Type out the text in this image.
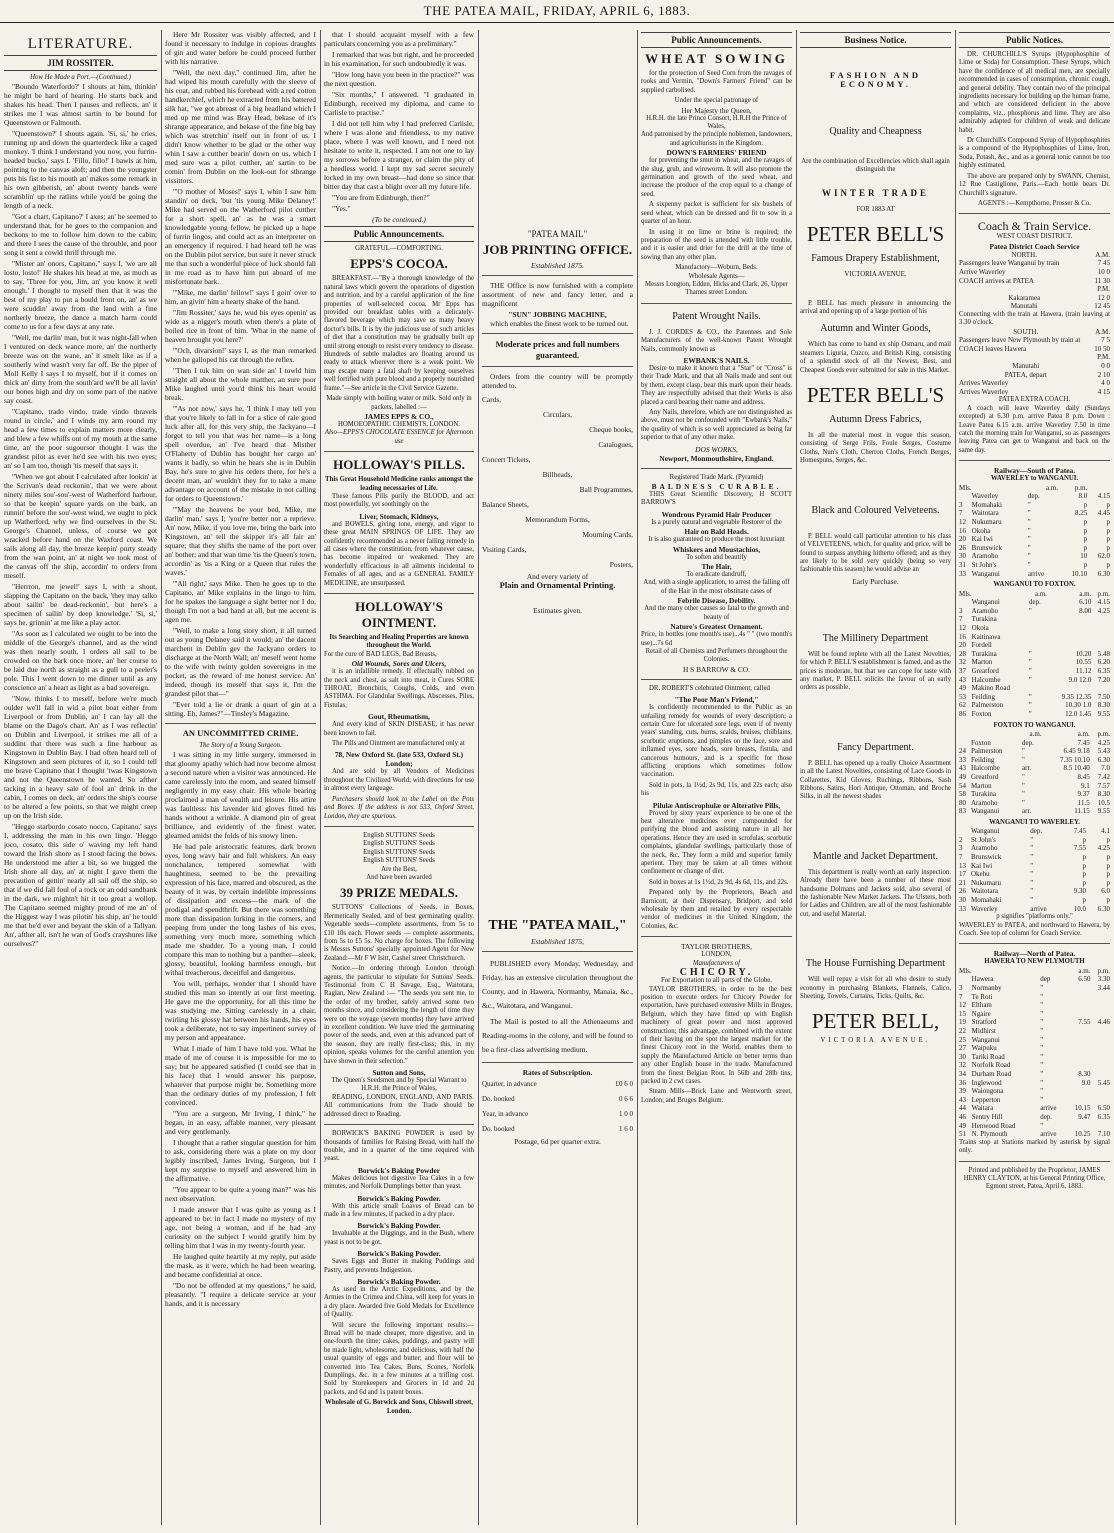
THE PATEA MAIL, FRIDAY, APRIL 6, 1883.
LITERATURE.
JIM ROSSITER.
How He Made a Port.—(Continued.)

"Boundo Waterfordo?' I shouts at him, thinkin' he might be hard of hearing. He starts back and shakes his head. Then I pauses and reflects, an' it strikes me I was almost sartin to be bound for Queenstown or Falmouth.

"Queenstown?' I shouts again. 'Si, si,' he cries, running up and down the quarterdeck like a caged monkey. 'I think I understand you now, you furrin-headed bucko,' says I. 'Fillo, fillo!' I bawls at him, pointing to the canvas aloft; and then the youngster puts his fist to his mouth an' makes some remark in his own gibberish, an' about twenty hands were scramblin' up the ratlins while you'd be going the length of a neck.

"Got a chart, Capitano?' I axes; an' he seemed to understand that, for he goes to the companion and beckons to me to follow him down to the cabin; and there I sees the cause of the throuble, and poor song it sent a cowld thrill through me.

"Mister an' onors, Capitano," says I, 'we are all losto, losto!' He shakes his head at me, as much as to say, 'Three for you, Jim, an' you know it well enough.' I thought to myself then that it was the best of my play to put a bould front on, an' as we were scuddin' away from the land with a fine northerly breeze, the dance a match harm could come to us for a few days at any rate.

"Well, me darlin' man, but it was night-fall when I ventured on deck wance more, an' the northerly breeze was on the wane, an' it smelt like as if a southerly wind wasn't very far off. Be the piper of Moll Kelly I says I to myself, but if it comes on thick an' dirty from the south'ard we'll be all lavin' our bones high and dry on some part of the native say coast.

"Capitano, trado vindo, trade vindo thravels round in circle,' and I winds my arm round my head a few times to explain matters more clearly, and blew a few whiffs out of my mouth at the same time, an' the poor sugoursor thought I was the grandest pilot as ever he'd see with his two eyes; an' so I am too, though 'tis meself that says it.

"When we got about I calculated after lookin' at the Scrivan's dead reckonin', that we were about ninety miles sou'-sou'-west of Watherford harbour, so that be keepin' square yards on the bark, an runnin' before the sou'-west wind, we ought to pick up Watherford, why we find ourselves in the St. George's Channel, unless, of course we got wracked before hand on the Waxford coast. We sails along all day, the breeze keepin' purty steady from the wan point, an' at night we took most of the canvas off the ship, accordin' to orders from meself.

"Herrron, me jewel!' says I, with a shout, slapping the Capitano on the back, 'they may talko about sailin' be dead-reckonin', but here's a specimen of sailin' by deep knowledge.' 'Si, si,' says he, grinnin' at me like a play actor.

"As soon as I calculated we ought to be into the middle of the George's channel, and as the wind was then nearly south, I orders all sail to be crowded on the bark once more, an' her course to be laid due north as straight as a gull to a peeler's pole. This I went down to me dinner until as any conscience an' a heart as light as a bad sovereign.

"Now, thinks I to meself, before we're much oulder we'll fall in wid a pilot boat either from Liverpool or from Dublin, an' I can lay all the blame on the Dago's chart. An' as I was reflectin' on Dublin and Liverpool, it strikes me all of a suddint that there was such a fine harbour as Kingstown in Dublin Bay. I had often heard tell of Kingstown and seen pictures of it, so I could tell me brave Capitano that I thought 'twas Kingstown and not the Queenstown he wanted. So afther tacking in a heavy sale of fool an' drink in the cabin, I comes on deck, an' orders the ship's course to be altered a few points, so that we might creep up on the Irish side.

"Heggo starbordo cosato nocco, Capitano,' says I, addressing the man in his own lingo. 'Heggo joco, cosato, this side o' waving my left hand toward the Irish shore as I stood facing the bows. He understood me after a bit, so we hugged the Irish shore all day, an' at night I gave them the precaution of gettin' nearly all sail off the ship, so that if we did fall foul of a rock or an odd sandbank in the dark, we mightn't hit it too great a wollop. The Capitano seemed mighty proud of me an' of the Higgest way I was pilotin' his ship, an' he tould me that he'd ever and beyant the skin of a Tallyan. An', afther all, isn't he wan of God's crayshures like ourselves?"

Here Mr Rossiter was visibly affected, and I found it necessary to indulge in copious draughts of gin and water before he could proceed further with his narrative.

"Well, the next day," continued Jim, after he had wiped his mouth carefully with the sleeve of his coat, and rubbed his forehead with a red cotton handkerchief, which he extracted from his battered silk hat, "we got abreast of a big headland which I med up me mind was Bray Head, bekase of it's shrange appearance, and bekase of the fine big bay which was stretchin' itself out in front of us. I didn't know whether to be glad or the other way whin I saw a cutther bearin' down on us, which I med sure was a pilot cutther, an' sartin to be comin' from Dublin on the look-out for sthrange vissittors.

"'O mother of Moses!' says I, whin I saw him standin' on deck, 'but 'tis young Mike Delaney!' Mike had served on the Watherford pilot cutther for a short spell, an' as he was a smart knowledgable young fellow, he picked up a hape of furrin lingos, and could act as an interpreter on an emergency if required. I had heard tell he was on the Dublin pilot service, but sure it never struck me that such a wonderful piece of luck should fall in me road as to have him put aboard of me misfortunate bark.

"'Mike, me darlin' fellow!' says I goin' over to him, an givin' him a hearty shake of the hand.

"Jim Rossiter,' says he, wud his eyes openin' as wide as a nigger's mouth when there's a plate of boiled rice in front of him. 'What in the name of heaven brought you here?'

"'Och, divarsion!' says I, as the man remarked when he galloped his cat through the reflex.

"Then I tuk him on wan side an' I towld him straight all about the whole matther, an sure poor Mike laughed until you'd think his heart would break.

"'As nor now,' says he, 'I think I may tell you that you're likely to fall in for a slice of rale good luck after all, for this very ship, the Jackyano—I forgot to tell you that was her name—is a long spell overdue, an' I've heard that Misther O'Flaherty of Dublin has bought her cargo an' wants it badly, so whin he hears she is in Dublin Bay, he's sure to give his orders there, for he's a decent man, an' wouldn't they for to take a mane advantage on account of the mistake in not calling for orders to Queenstown.'

"'May the heavens be your bed, Mike, me darlin' man,' says I; 'you're better nor a reprieve. An' now, Mike, if you love me, bring the bark into Kingstown, an' tell the skipper it's all fair an' square; that they shifts the name of the port over an' bother; and that wan time 'tis the Queen's town, accordin' as 'tis a King or a Queen that rules the waves.'

"'All right,' says Mike. Then he goes up to the Capitano, an' Mike explains in the lingo to him, for he spakes the language a sight better nor I do, though I'm not a bad hand at all, but me accent is agen me.

"Well, to make a long story short, it all turned out as young Delaney said it would; an' the dacent marchent in Dublin gev the Jackyano orders to discharge at the North Wall; an' meself went home to the wife with twinty golden sovereigns in me pocket, as the reward of me honest service. An' indeed, though its meself that says it, I'm the grandest pilot that—"

"Ever told a lie or drank a quart of gin at a sitting. Eh, James?"—Tinsley's Magazine.

AN UNCOMMITTED CRIME.
The Story of a Young Surgeon.

I was sitting in my little surgery, immersed in that gloomy apathy which had now become almost a second nature when a visitor was announced. He came carelessly into the room, and seated himself negligently in my easy chair. His whole bearing proclaimed a man of wealth and leisure. His attire was faultless: his lavender kid gloves fitted his hands without a wrinkle. A diamond pin of great brilliance, and evidently of the finest water, gleamed amidst the folds of his snowy linen.

He had pale aristocratic features, dark brown eyes, long wavy hair and full whiskers. An easy nonchalance, tempered somewhat with haughtiness, seemed to be the prevailing expression of his face, marred and obscured, as the beauty of it was, by certain indelible impressions of dissipation and excess—the mark of the prodigal and spendthrift. But there was something more than dissipation lurking in the corners, and peeping from under the long lashes of his eyes, something very much more, something which made me shudder. To a young man, I could compare this man to nothing but a panther—sleek, glossy, beautiful, looking harmless enough, but withal treacherous, deceitful and dangerous.

You will, perhaps, wonder that I should have studied this man so intently at our first meeting. He gave me the opportunity, for all this time he was studying me. Sitting carelessly in a chair, twirling his glossy hat between his hands, his eyes took a deliberate, not to say impertinent survey of my person and appearance.

What I made of him I have told you. What he made of me of course it is impossible for me to say; but he appeared satisfied (I could see that in his face) that I would answer his purpose, whatever that purpose might be. Something more than the ordinary duties of my profession, I felt convinced.

"You are a surgeon, Mr Irving, I think," he began, in an easy, affable manner, very pleasant and very gentlemanly.

I thought that a rather singular question for him to ask, considering there was a plate on my door legibly inscribed, James Irving, Surgeon, but I kept my surprise to myself and answered him in the affirmative.

"You appear to be quite a young man?" was his next observation.

I made answer that I was quite as young as I appeared to be: in fact I made no mystery of my age, not being a woman, and if he had any curiosity on the subject I would gratify him by telling him that I was in my twenty-fourth year.

He laughed quite heartily at my reply, put aside the mask, as it were, which he had been wearing, and became confidential at once.

"Do not be offended at my questions," he said, pleasantly. "I require a delicate service at your hands, and it is necessary

that I should acquaint myself with a few particulars concerning you as a preliminary."

I remarked that was but right, and he proceeded in his examination, for such undoubtedly it was.

"How long have you been in the practice?" was the next question.

"Six months," I answered. "I graduated in Edinburgh, received my diploma, and came to Carlisle to practise."

I did not tell him why I had preferred Carlisle, where I was alone and friendless, to my native place, where I was well known, and I need not hesitate to write it, respected. I am not one to lay my sorrows before a stranger, or claim the pity of a heedless world. I kept my sad secret securely locked in my own breast—had done so since that bitter day that cast a blight over all my future life.

"You are from Edinburgh, then?"

"Yes."

(To be continued.)
Public Announcements.
GRATEFUL—COMFORTING.
EPPS'S COCOA.

BREAKFAST.—"By a thorough knowledge of the natural laws which govern the operations of digestion and nutrition, and by a careful application of the fine properties of well-selected cocoa, Mr Epps has provided our breakfast tables with a delicately-flavored beverage which may save us many heavy doctor's bills. It is by the judicious use of such articles of diet that a constitution may be gradually built up until strong enough to resist every tendency to disease. Hundreds of subtle maladies are floating around us ready to attack wherever there is a weak point. We may escape many a fatal shaft by keeping ourselves well fortified with pure blood and a properly nourished frame."—See article in the Civil Service Gazette.

Made simply with boiling water or milk. Sold only in packets, labelled :—
JAMES EPPS & CO.,
HOMOEOPATHIC CHEMISTS, LONDON.
Also—EPPS'S CHOCOLATE ESSENCE for Afternoon use
HOLLOWAY'S PILLS.
This Great Household Medicine ranks amongst the leading necessaries of Life.

These famous Pills purify the BLOOD, and act most powerfully, yet soothingly on the

Liver, Stomach, Kidneys,

and BOWELS, giving tone, energy, and vigor to these great MAIN SPRINGS OF LIFE. They are confidently recommended as a never failing remedy in all cases where the constitution, from whatever cause, has become impaired or weakened. They are wonderfully efficacious in all ailments incidental to Females of all ages, and as a GENERAL FAMILY MEDICINE, are unsurpassed.

HOLLOWAY'S OINTMENT.
Its Searching and Healing Properties are known throughout the World.
For the cure of BAD LEGS, Bad Breasts,
Old Wounds, Sores and Ulcers,

it is an infallible remedy. If effectually rubbed on the neck and chest, as salt into meat, it Cures SORE THROAT, Bronchitis, Coughs, Colds, and even ASTHMA. For Glandular Swellings, Abscesses, Piles, Fistulas,

Gout, Rheumatism,

And every kind of SKIN DISEASE, it has never been known to fail.

The Pills and Ointment are manufactured only at

78, New Oxford St. (late 533, Oxford St.) London;

And are sold by all Vendors of Medicines throughout the Civilized World; with directions for use in almost every language.

Purchasers should look to the Label on the Pots and Boxes. If the address is not 533, Oxford Street, London, they are spurious.

English SUTTONS' Seeds
English SUTTONS' Seeds
English SUTTONS' Seeds
English SUTTONS' Seeds
Are the Best,
And have been awarded
39 PRIZE MEDALS.

SUTTONS' Collections of Seeds, in Boxes, Hermetically Sealed, and of best germinating quality. Vegetable seeds—complete assortments, from 5s to £10 10s each. Flower seeds — complete assortments, from 5s to £5 5s. No charge for boxes. The following is Messrs Suttons' specially appointed Agent for New Zealand:—Mr F W Isitt, Cashel street Christchurch.

Notice.—In ordering through London through agents, the particular to stipulate for Suttons' Seeds. Testimonial from C H Savage, Esq., Waitotara, Raglan, New Zealand :— "The seeds you sent me, to the order of my brother, safely arrived some two months since, and considering the length of time they were on the voyage (seven months) they have arrived in excellent condition. We have tried the germinating power of the seeds, and, even at this advanced part of the season, they are really first-class; this, in my opinion, speaks volumes for the careful attention you have shown in their selection."

Sutton and Sons,
The Queen's Seedsmen and by Special Warrant to H.R.H. the Prince of Wales,

READING, LONDON, ENGLAND, AND PARIS. All communications from the Trade should be addressed direct to Reading.

BORWICK'S BAKING POWDER is used by thousands of families for Raising Bread, with half the trouble, and in a quarter of the time required with yeast.

Borwick's Baking Powder

Makes delicious hot digestive Tea Cakes in a few minutes, and Norfolk Dumplings better than yeast.

Borwick's Baking Powder.

With this article small Loaves of Bread can be made in a few minutes, if packed in a dry place.

Borwick's Baking Powder.

Invaluable at the Diggings, and in the Bush, where yeast is not to be got.

Borwick's Baking Powder.

Saves Eggs and Butter in making Puddings and Pastry, and prevents Indigestion.

Borwick's Baking Powder.

As used in the Arctic Expeditions, and by the Armies in the Crimea and China, will keep for years in a dry place. Awarded five Gold Medals for Excellence of Quality.

Will secure the following important results:— Bread will be made cheaper, more digestive, and in one-fourth the time; cakes, puddings, and pastry will be made light, wholesome, and delicious, with half the usual quantity of eggs and butter; and flour will be converted into Tea Cakes, Buns, Scones, Norfolk Dumplings, &c. in a few minutes at a trifling cost. Sold by Storekeepers and Grocers in 1d and 2d packets, and 6d and 1s patent boxes.

Wholesale of G. Borwick and Sons, Chiswell street, London.
"PATEA MAIL"
JOB PRINTING OFFICE.
Established 1875.

THE Office is now furnished with a complete assortment of new and fancy letter, and a magnificent

"SUN" JOBBING MACHINE,

which enables the finest work to be turned out.

Moderate prices and full numbers guaranteed.

Orders from the country will be promptly attended to.

Cards,
Circulars,
Cheque books,
Catalogues,
Concert Tickets,
Billheads,
Ball Programmes,
Balance Sheets,
Memorandum Forms,
Mourning Cards,
Visiting Cards,
Posters,
And every variety of
Plain and Ornamental Printing.
Estimates given.
THE "PATEA MAIL,"
Established 1875,

PUBLISHED every Monday, Wednesday, and Friday, has an extensive circulation throughout the County, and in Hawera, Normanby, Manaia, &c., &c., Waitotara, and Wanganui.

The Mail is posted to all the Athenaeums and Reading-rooms in the colony, and will be found to be a first-class advertising medium.

Rates of Subscription.
Quarter, in advance	£0 6 0
Do. booked	0 6 6
Year, in advance	1 0 0
Do. booked	1 6 0
Postage, 6d per quarter extra.
Public Announcements.
WHEAT SOWING

for the protection of Seed Corn from the ravages of rooks and Vermin, "Down's Farmers' Friend" can be supplied carbolised.

Under the special patronage of
Her Majesty the Queen,
H.R.H. the late Prince Consort, H.R.H the Prince of Wales,
And patronised by the principle noblemen, landowners, and agriculturists in the Kingdom.
DOWN'S FARMERS' FRIEND

for preventing the smut in wheat, and the ravages of the slug, grub, and wireworm. It will also promote the germination and growth of the seed wheat, and increase the produce of the crop equal to a change of seed.

A sixpenny packet is sufficient for six bushels of seed wheat, which can be dressed and fit to sow in a quarter of an hour.

In using it no lime or brine is required; the preparation of the seed is attended with little trouble, and it is easier and drier for the drill at the time of sowing than any other plan.

Manufactory—Woburn, Beds.
Wholesale Agents—
Messrs Longton, Edden, Hicks and Clark, 26, Upper Thames street London.
Patent Wrought Nails.

J. J. CORDES & CO., the Patentees and Sole Manufacturers of the well-known Patent Wrought Nails, commonly known as

EWBANK'S NAILS.

Desire to make it known that a "Star" or "Cross" is their Trade Mark, and that all Nails made and sent out by them, except clasp, bear this mark upon their heads. They are respectfully advised that their Works is also placed a card bearing their name and address.

Any Nails, therefore, which are not distinguished as above, must not be confounded with "Ewbank's Nails," the quality of which is so well appreciated as being far superior to that of any other make.

DOS WORKS,
Newport, Monmouthshire, England.
Registered Trade Mark. (Pyramid)
BALDNESS CURABLE.

THIS Great Scientific Discovery, H SCOTT BARROW'S

Wondrous Pyramid Hair Producer
Is a purely natural and vegetable Restorer of the
Hair on Bald Heads.
It is also guaranteed to produce the most luxuriant
Whiskers and Moustachios,
To soften and beautify
The Hair,
To eradicate dandruff,
And, with a single application, to arrest the falling off of the Hair in the most obstinate cases of
Febrile Disease, Debility.
And the many other causes so fatal to the growth and beauty of
Nature's Greatest Ornament.
Price, in bottles (one month's use)...4s " " (two month's use)...7s 6d
Retail of all Chemists and Perfumers throughout the Colonies.
H S BARROW & CO.

DR. ROBERT'S celebrated Ointment, called

"The Poor Man's Friend,"

Is confidently recommended to the Public as an unfailing remedy for wounds of every description; a certain Cure for ulcerated sore legs, even if of twenty years' standing, cuts, burns, scalds, bruises, chilblains, scorbutic eruptions, and pimples on the face, sore and inflamed eyes, sore heads, sore breasts, fistula, and cancerous humours, and is a specific for those afflicting eruptions which sometimes follow vaccination.

Sold in pots, la 1½d, 2s 9d, 11s, and 22s each; also his

Pilulæ Antiscrophulæ or Alterative Pills,

Proved by sixty years' experience to be one of the best alterative medicines ever compounded for purifying the blood and assisting nature in all her operations. Hence they are used in scrofulas, scorbutic complaints, glandular swellings, particularly those of the neck, &c. They form a mild and superior family aperient. They may be taken at all times without confinement or change of diet.

Sold in boxes at 1s 1½d, 2s 9d, 4s 6d, 11s, and 22s.

Prepared only by the Proprietors, Beach and Barnicott, at their Dispensary, Bridport, and sold wholesale by them and retailed by every respectable vendor of medicines in the United Kingdom, the Colonies, &c.

TAYLOR BROTHERS,
LONDON,
Manufacturers of
CHICORY.
For Exportation to all parts of the Globe.

TAYLOR BROTHERS, in order to be the best position to execute orders for Chicory Powder for exportation, have purchased extensive Mills in Bruges, Belgium, which they have fitted up with English machinery of great power and most approved construction; this advantage, combined with the extent of their having on the spot the largest market for the finest Chicory root in the World, enables them to supply the Manufactured Article on better terms than any other English house in the trade. Manufactured from the finest Belgian Root. In 56lb and 28lb tins, packed in 2 cwt cases.

Steam Mills—Brick Lane and Wentworth street, London; and Bruges Belgium.

Business Notice.
FASHION AND ECONOMY.
Quality and Cheapness
Are the combination of Excellencies which shall again distinguish the
WINTER TRADE
FOR 1883 AT
PETER BELL'S
Famous Drapery Establishment,
VICTORIA AVENUE.

P. BELL has much pleasure in announcing the arrival and opening up of a large portion of his

Autumn and Winter Goods,

Which has come to hand ex ship Osmaru, and mail steamers Liguria, Cuzco, and British King, consisting of a splendid stock of all the Newest, Best, and Cheapest Goods ever submitted for sale in this Market.

PETER BELL'S
Autumn Dress Fabrics,

In all the material most in vogue this season, consisting of Serge Frils, Foule Serges, Costume Cloths, Nun's Cloth, Cherron Cloths, French Berges, Homespuns, Serges, &c.

Black and Coloured Velveteens.

P. BELL would call particular attention to his class of VELVETEENS, which, for quality and price, will be found to surpass anything hitherto offered; and as they are likely to be sold very quickly (being so very fashionable this season) he would advise an

Early Purchase.
The Millinery Department

Will be found replete with all the Latest Novelties, for which P. BELL'S establishment is famed, and as the prices is moderate, but that we can cope for taste with any market, P. BELL solicits the favour of an early orders as possible.

Fancy Department.

P. BELL has opened up a really Choice Assortment in all the Latest Novelties, consisting of Lace Goods in Collarettes, Kid Gloves, Ruchings, Ribbons, Sash Ribbons, Satins, Hori Antique, Ottoman, and Broche Silks, in all the newest shades

Mantle and Jacket Department.

This department is really worth an early inspection. Already there have been a number of these most handsome Dolmans and Jackets sold, also several of the fashionable New Market Jackets. The Ulsters, both for Ladies and Children, are all of the most fashionable cut, and useful Material.

The House Furnishing Department

Will well repay a visit for all who desire to study economy in purchasing Blankets, Flannels, Calico, Sheeting, Towels, Curtains, Ticks, Quilts, &c.

PETER BELL,
VICTORIA AVENUE.
Public Notices.

DR. CHURCHILL'S Syrups (Hypophosphite of Lime or Soda) for Consumption. These Syrups, which have the confidence of all medical men, are specially recommended in cases of consumption, chronic cough, and general debility. They contain two of the principal ingredients necessary for building up the human frame, and which are considered deficient in the above complaints, viz., phosphorus and lime. They are also admirably adapted for children of weak and delicate habit.

Dr Churchill's Compound Syrup of Hypophosphites is a compound of the Hypophosphites of Lime, Iron, Soda, Potash, &c., and as a general tonic cannot be too highly estimated.

The above are prepared only by SWANN, Chemist, 12 Rue Castiglione, Paris.—Each bottle bears Dr. Churchill's signature.

AGENTS :—Kempthorne, Prosser & Co.
Coach & Train Service.
WEST COAST DISTRICT.
Patea District Coach Service
NORTH.	A.M.
Passengers leave Wanganui by train	7 45
Arrive Waverley	10 0
COACH arrives at PATEA	11 30
	P.M.
Kakaramea	12 0
Manutahi	12 45
Connecting with the train at Hawera, (train leaving at 3.30 o'clock.
SOUTH.	A.M.
Passengers leave New Plymouth by train at	7 5
COACH leaves Hawera	10 50
	P.M.
Manutahi	0 0
PATEA, depart	2 10
Arrives Waverley	4 0
Arrives Waverley	4 15
PATEA EXTRA COACH.

A coach will leave Waverley daily (Sundays excepted) at 6.30 p.m. arrive Patea 8 p.m. Down : Leave Patea 6.15 a.m. arrive Waverley 7.50 in time catch the morning train for Wanganui, so as passengers leaving Patea can get to Wanganui and back on the same day.

Railway—South of Patea.
WAVERLEY to WANGANUI.
Mls.		a.m.	p.m.	
	Waverley	dep.	8.0	4.15
3	Momahaki	"	p	p
7	Waitotara	"	8.25	4.45
12	Nukumaru	"	p	p
16	Okoha	"	p	p
20	Kai Iwi	"	p	p
26	Brunswick	"	p	p
30	Aramoho	"	10	62.0
31	St John's	"	p	p
33	Wanganui	arrive	10.10	6.30
WANGANUI TO FOXTON.
Mls.		a.m.	a.m.	p.m.
	Wanganui	dep.	6.10	4.15
3	Aramoho	"	8.00	4.25
7	Turakina			
12	Okoia			
16	Kaitinawa			
20	Fordell			
28	Turakina	"	10.20	5.48
32	Marton	"	10.55	6.20
37	Greatford	"	11.12	6.35
43	Halcombe	"	9.0 12.0	7.20
49	Makino Road			
53	Feilding	"	9.35 12.35	7.50
62	Palmerston	"	10.30 1.0	8.30
86	Foxton	"	12.0 1.45	9.55
FOXTON TO WANGANUI.
		a.m.	a.m.	p.m.
	Foxton	dep.	7.45	4.25
24	Palmerston	"	6.45 9.18	5.43
33	Feilding	"	7.35 10.10	6.30
43	Halcombe	arr.	8.5 10.40	7.0
49	Greatford	"	8.45	7.42
54	Marton	"	9.1	7.57
58	Turakina	"	9.37	8.30
80	Aramoho	"	11.5	10.5
83	Wanganui	arr.	11.15	9.55
WANGANUI TO WAVERLEY.
	Wanganui	dep.	7.45	4.1
2	St John's	"	p	p
3	Aramoho	"	7.55	4.25
7	Brunswick	"	p	p
13	Kai Iwi	"	p	p
17	Okehu	"	p	p
21	Nukumaru	"	p	p
26	Waitotara	"	9.30	6.0
30	Momahaki	"	p	p
33	Waverley	arrive	10.0	6.30
p signifies "platforms only."
WAVERLEY to PATEA, and northward to Hawera, by Coach. See top of column for Coach Service.
Railway—North of Patea.
HAWERA TO NEW PLYMOUTH
Mls.			a.m.	p.m.
	Hawera	dep	6.50	3.30
3	Normanby	"		3.44
7	Te Roti	"		
12	Eltham	"		
15	Ngaire	"		
19	Stratford	"	7.55	4.46
22	Midhirst	"		
25	Wanganui	"		
27	Waipuku	"		
30	Tariki Road	"		
32	Norfolk Road	"		
34	Durham Road	"	8.30	
36	Inglewood	"	9.0	5.45
39	Waiongona	"		
43	Lepperton	"		
44	Waitara	arrive	10.15	6.50
46	Sentry Hill	dep.	9.47	6.35
49	Henwood Road	"		
51	N. Plymouth	arrive	10.25	7.10
Trains stop at Stations marked by asterisk by signal only.
Printed and published by the Proprietor, JAMES HENRY CLAYTON, at his General Printing Office, Egmont street, Patea, April 6, 1883.
